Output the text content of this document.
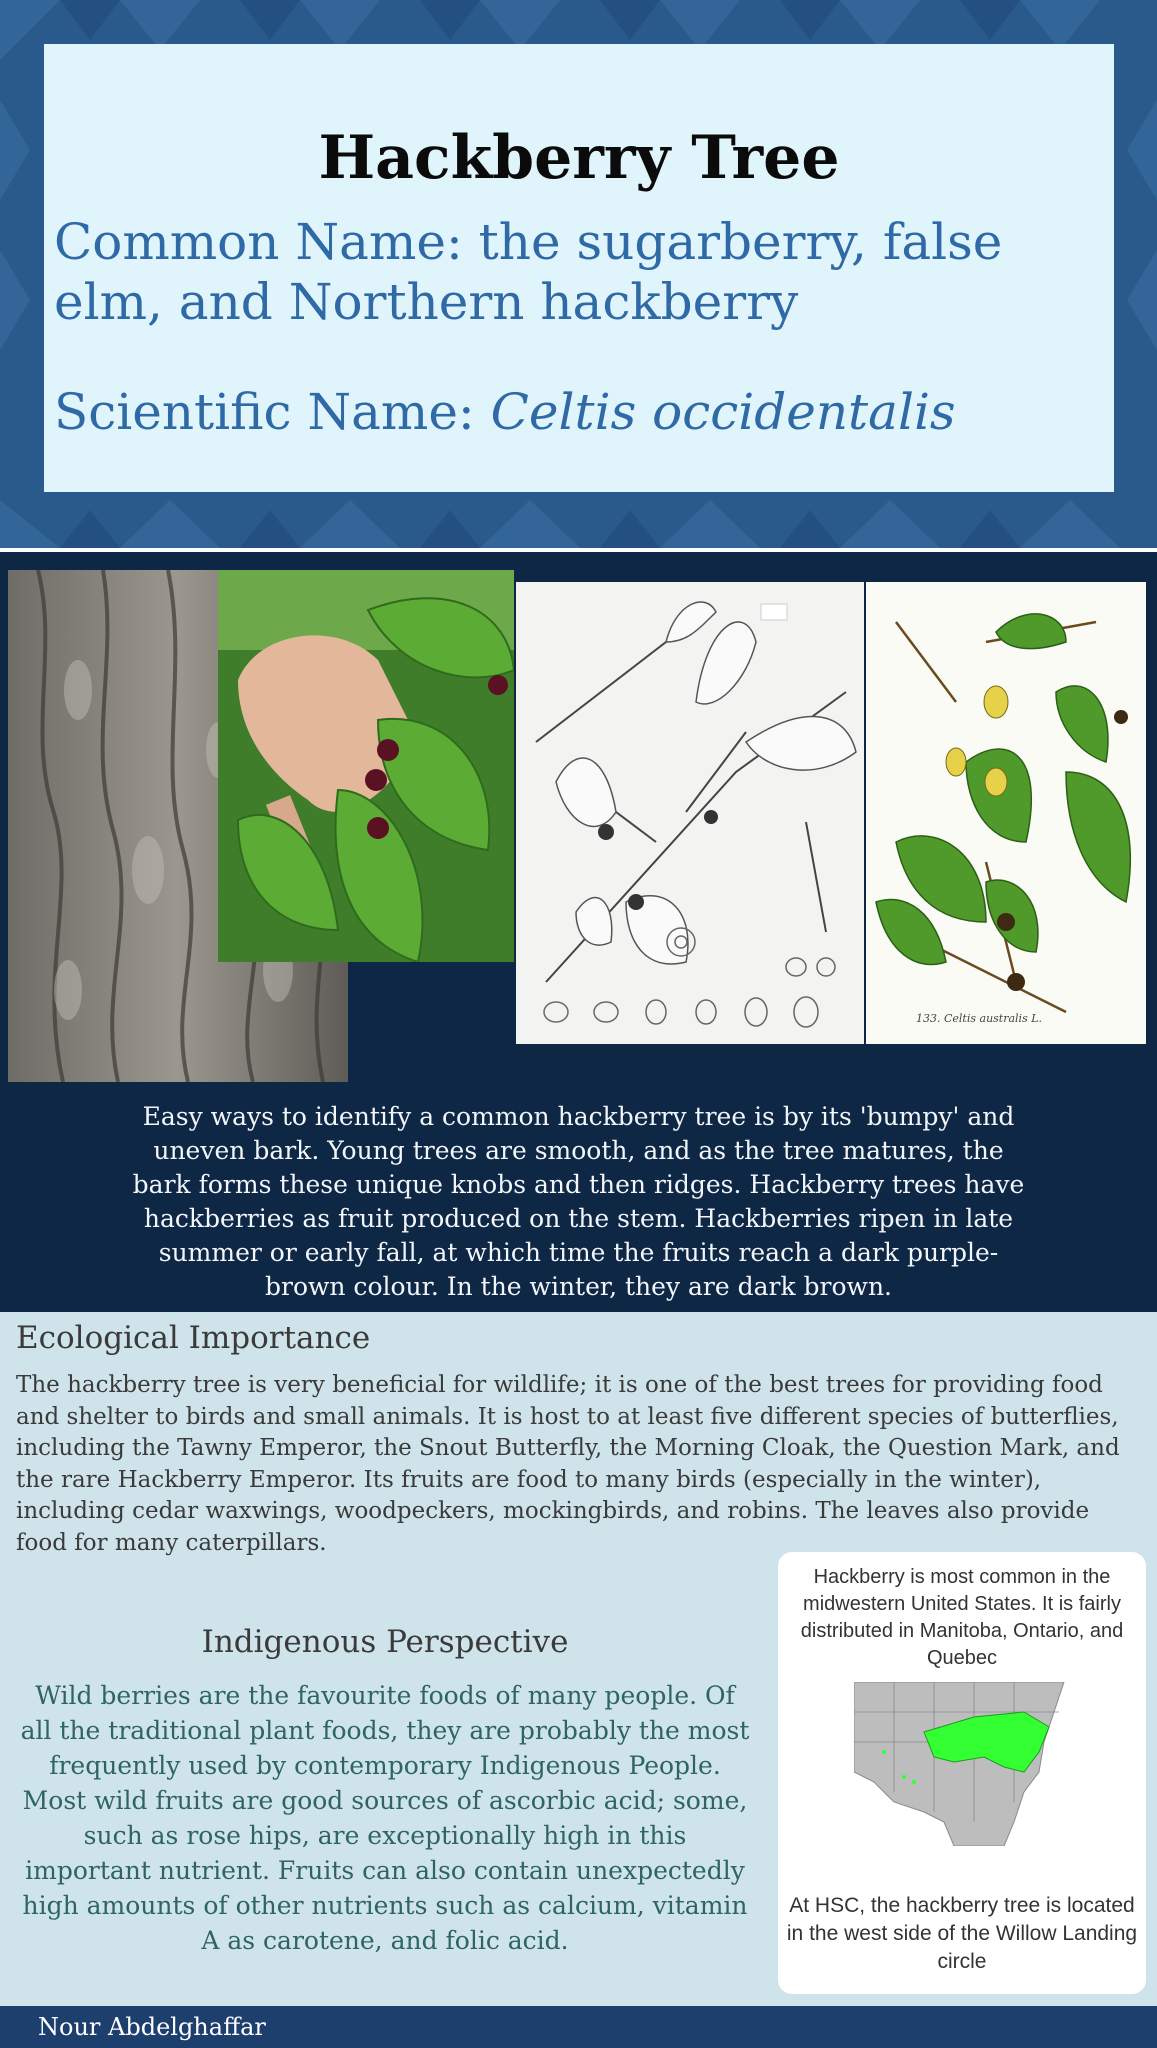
Hackberry Tree

Common Name: the sugarberry, false elm, and Northern hackberry

Scientific Name: Celtis occidentalis

133. Celtis australis L.

Easy ways to identify a common hackberry tree is by its 'bumpy' and uneven bark. Young trees are smooth, and as the tree matures, the bark forms these unique knobs and then ridges. Hackberry trees have hackberries as fruit produced on the stem. Hackberries ripen in late summer or early fall, at which time the fruits reach a dark purple-brown colour. In the winter, they are dark brown.

Ecological Importance

The hackberry tree is very beneficial for wildlife; it is one of the best trees for providing food and shelter to birds and small animals. It is host to at least five different species of butterflies, including the Tawny Emperor, the Snout Butterfly, the Morning Cloak, the Question Mark, and the rare Hackberry Emperor. Its fruits are food to many birds (especially in the winter), including cedar waxwings, woodpeckers, mockingbirds, and robins. The leaves also provide food for many caterpillars.

Indigenous Perspective

Wild berries are the favourite foods of many people. Of all the traditional plant foods, they are probably the most frequently used by contemporary Indigenous People. Most wild fruits are good sources of ascorbic acid; some, such as rose hips, are exceptionally high in this important nutrient. Fruits can also contain unexpectedly high amounts of other nutrients such as calcium, vitamin A as carotene, and folic acid.

Hackberry is most common in the midwestern United States. It is fairly distributed in Manitoba, Ontario, and Quebec

At HSC, the hackberry tree is located in the west side of the Willow Landing circle

Nour Abdelghaffar
